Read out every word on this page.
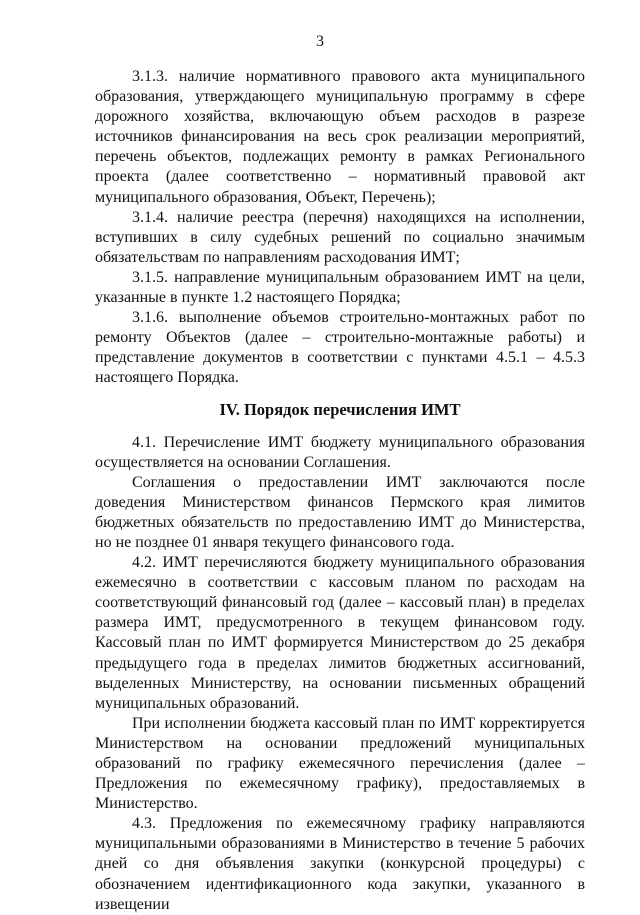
3

3.1.3. наличие нормативного правового акта муниципального образования, утверждающего муниципальную программу в сфере дорожного хозяйства, включающую объем расходов в разрезе источников финансирования на весь срок реализации мероприятий, перечень объектов, подлежащих ремонту в рамках Регионального проекта (далее соответственно – нормативный правовой акт муниципального образования, Объект, Перечень);

3.1.4. наличие реестра (перечня) находящихся на исполнении, вступивших в силу судебных решений по социально значимым обязательствам по направлениям расходования ИМТ;

3.1.5. направление муниципальным образованием ИМТ на цели, указанные в пункте 1.2 настоящего Порядка;

3.1.6. выполнение объемов строительно-монтажных работ по ремонту Объектов (далее – строительно-монтажные работы) и представление документов в соответствии с пунктами 4.5.1 – 4.5.3 настоящего Порядка.

IV. Порядок перечисления ИМТ

4.1. Перечисление ИМТ бюджету муниципального образования осуществляется на основании Соглашения.

Соглашения о предоставлении ИМТ заключаются после доведения Министерством финансов Пермского края лимитов бюджетных обязательств по предоставлению ИМТ до Министерства, но не позднее 01 января текущего финансового года.

4.2. ИМТ перечисляются бюджету муниципального образования ежемесячно в соответствии с кассовым планом по расходам на соответствующий финансовый год (далее – кассовый план) в пределах размера ИМТ, предусмотренного в текущем финансовом году. Кассовый план по ИМТ формируется Министерством до 25 декабря предыдущего года в пределах лимитов бюджетных ассигнований, выделенных Министерству, на основании письменных обращений муниципальных образований.

При исполнении бюджета кассовый план по ИМТ корректируется Министерством на основании предложений муниципальных образований по графику ежемесячного перечисления (далее – Предложения по ежемесячному графику), предоставляемых в Министерство.

4.3. Предложения по ежемесячному графику направляются муниципальными образованиями в Министерство в течение 5 рабочих дней со дня объявления закупки (конкурсной процедуры) с обозначением идентификационного кода закупки, указанного в извещении
